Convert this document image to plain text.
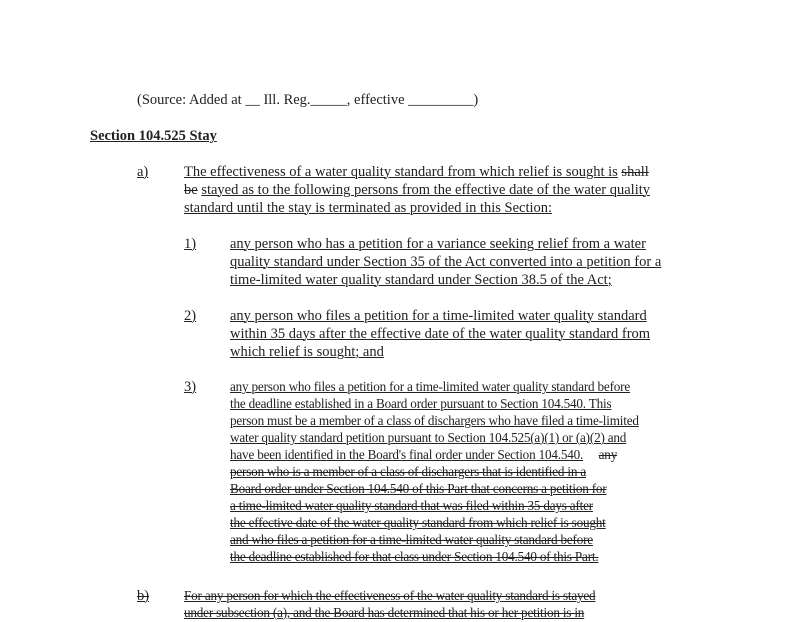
(Source: Added at __ Ill. Reg._____, effective _________)
Section 104.525 Stay
a) The effectiveness of a water quality standard from which relief is sought is shall
be stayed as to the following persons from the effective date of the water quality
standard until the stay is terminated as provided in this Section:
1) any person who has a petition for a variance seeking relief from a water
quality standard under Section 35 of the Act converted into a petition for a
time-limited water quality standard under Section 38.5 of the Act;
2) any person who files a petition for a time-limited water quality standard
within 35 days after the effective date of the water quality standard from
which relief is sought; and
3)	any person who files a petition for a time-limited water quality standard before
the deadline established in a Board order pursuant to Section 104.540. This
person must be a member of a class of dischargers who have filed a time-limited
water quality standard petition pursuant to Section 104.525(a)(1) or (a)(2) and
have been identified in the Board's final order under Section 104.540. any
person who is a member of a class of dischargers that is identified in a
Board order under Section 104.540 of this Part that concerns a petition for
a time-limited water quality standard that was filed within 35 days after
the effective date of the water quality standard from which relief is sought
and who files a petition for a time-limited water quality standard before
the deadline established for that class under Section 104.540 of this Part.
b)	For any person for which the effectiveness of the water quality standard is stayed
under subsection (a), and the Board has determined that his or her petition is in
